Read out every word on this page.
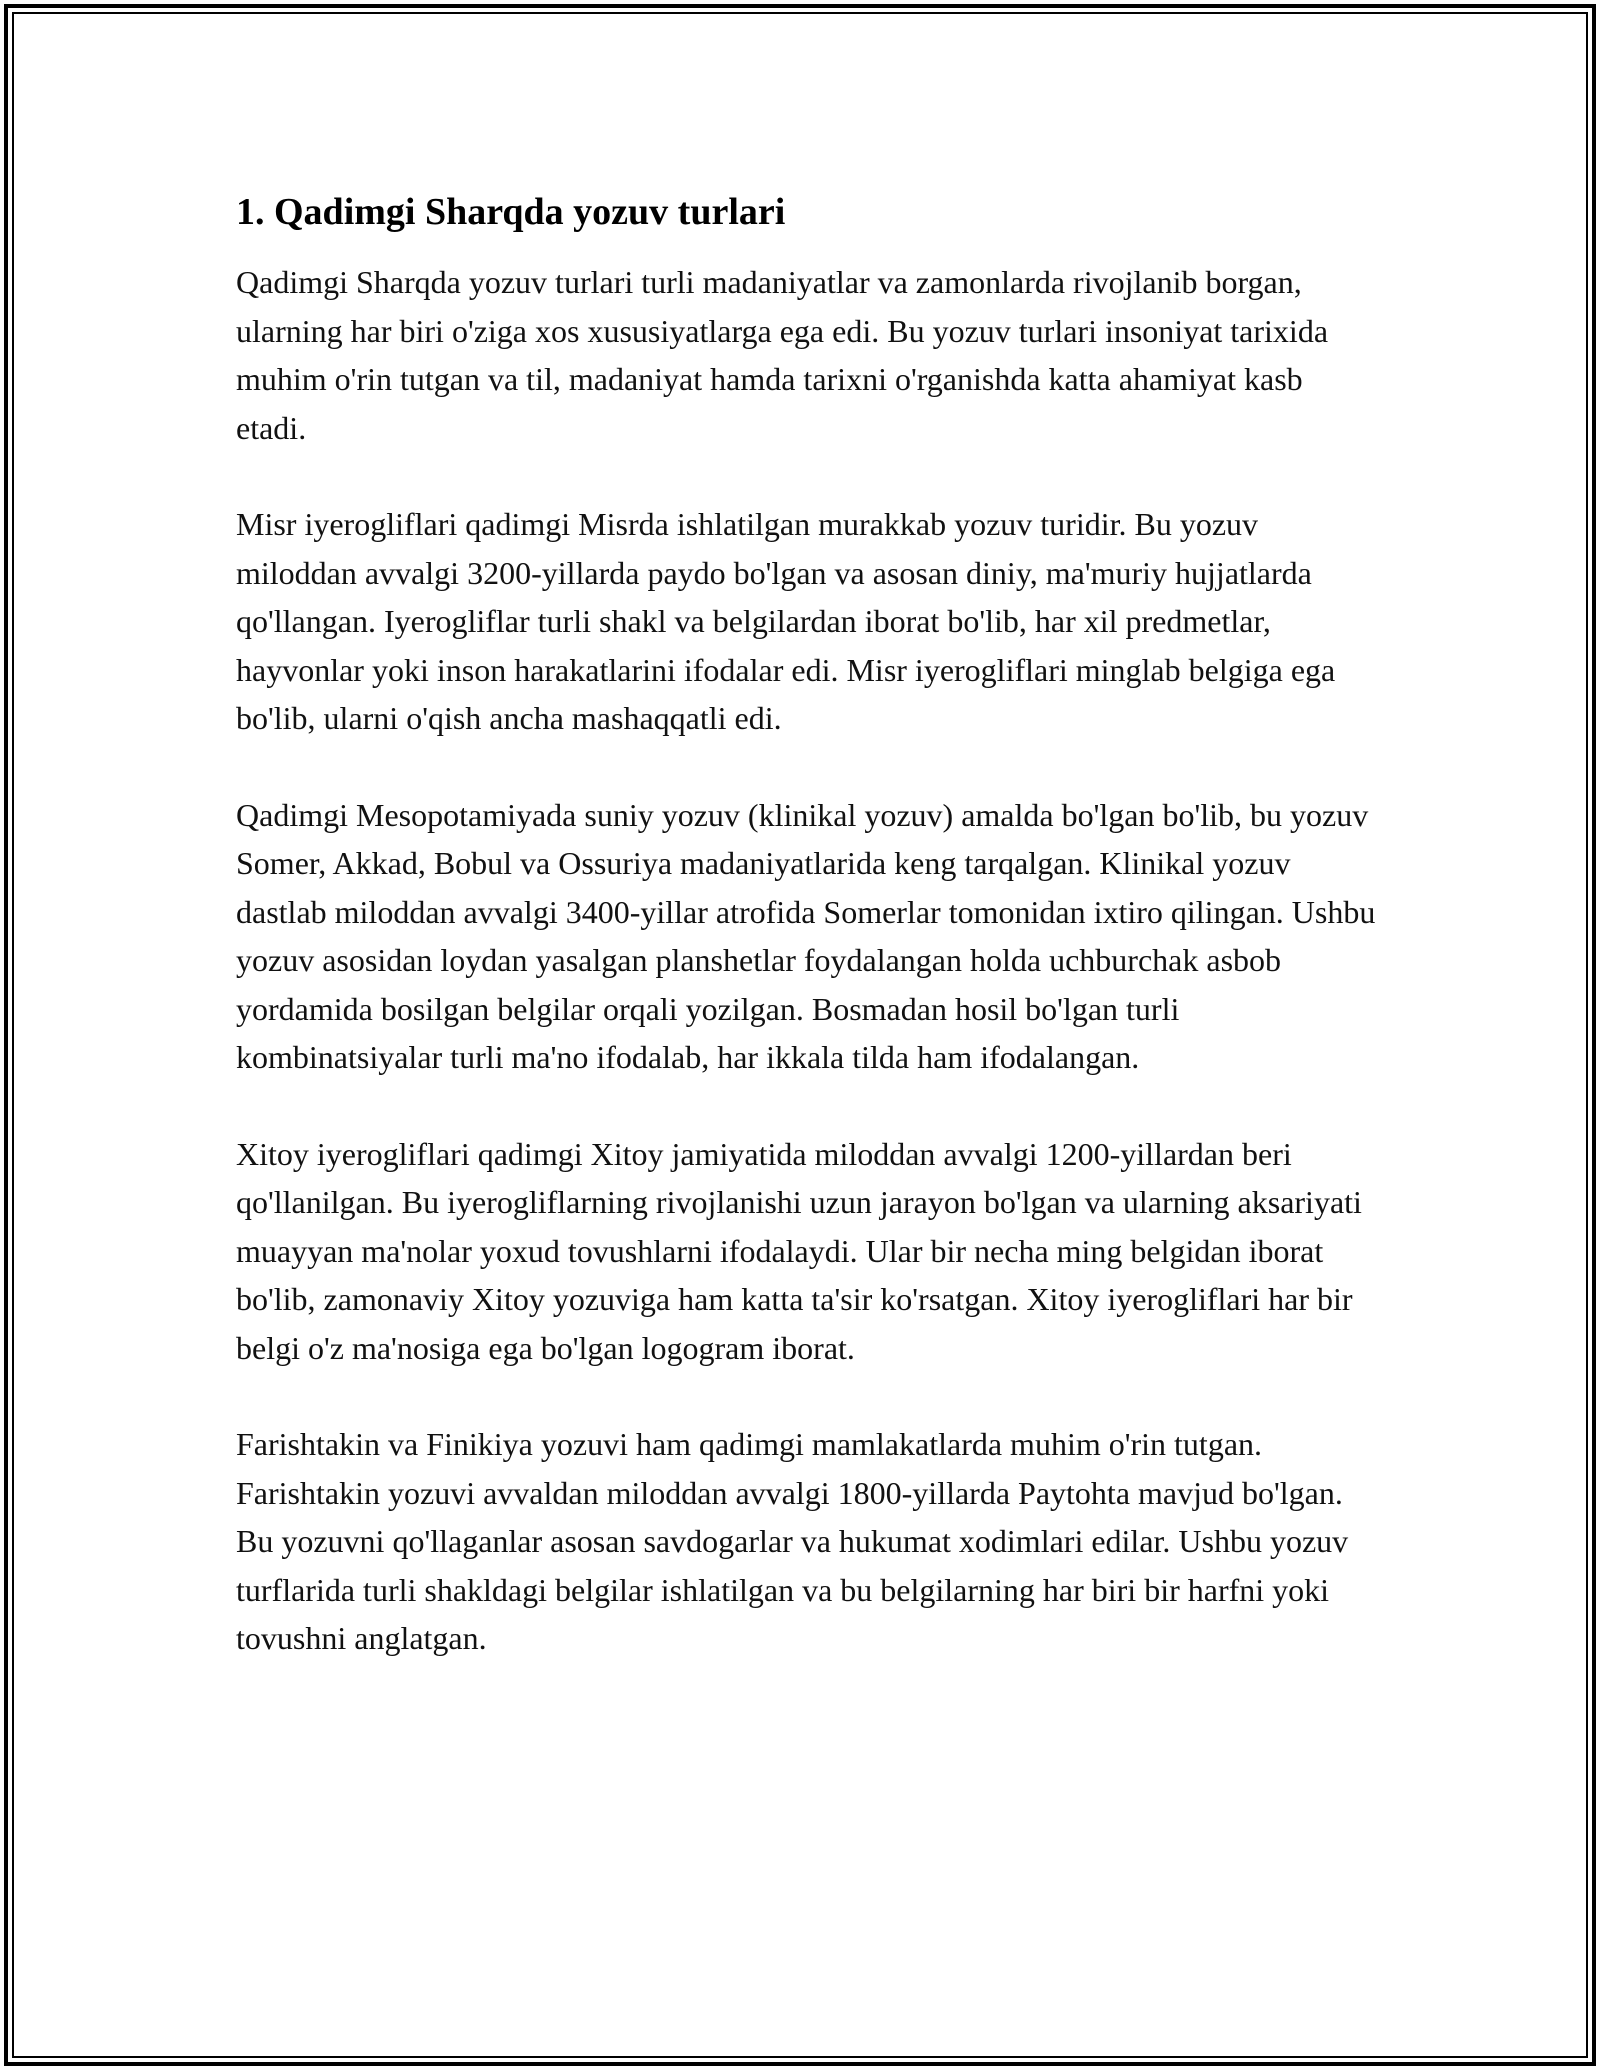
1. Qadimgi Sharqda yozuv turlari

Qadimgi Sharqda yozuv turlari turli madaniyatlar va zamonlarda rivojlanib borgan, ularning har biri o'ziga xos xususiyatlarga ega edi. Bu yozuv turlari insoniyat tarixida muhim o'rin tutgan va til, madaniyat hamda tarixni o'rganishda katta ahamiyat kasb etadi.

Misr iyerogliflari qadimgi Misrda ishlatilgan murakkab yozuv turidir. Bu yozuv miloddan avvalgi 3200-yillarda paydo bo'lgan va asosan diniy, ma'muriy hujjatlarda qo'llangan. Iyerogliflar turli shakl va belgilardan iborat bo'lib, har xil predmetlar, hayvonlar yoki inson harakatlarini ifodalar edi. Misr iyerogliflari minglab belgiga ega bo'lib, ularni o'qish ancha mashaqqatli edi.

Qadimgi Mesopotamiyada suniy yozuv (klinikal yozuv) amalda bo'lgan bo'lib, bu yozuv Somer, Akkad, Bobul va Ossuriya madaniyatlarida keng tarqalgan. Klinikal yozuv dastlab miloddan avvalgi 3400-yillar atrofida Somerlar tomonidan ixtiro qilingan. Ushbu yozuv asosidan loydan yasalgan planshetlar foydalangan holda uchburchak asbob yordamida bosilgan belgilar orqali yozilgan. Bosmadan hosil bo'lgan turli kombinatsiyalar turli ma'no ifodalab, har ikkala tilda ham ifodalangan.

Xitoy iyerogliflari qadimgi Xitoy jamiyatida miloddan avvalgi 1200-yillardan beri qo'llanilgan. Bu iyerogliflarning rivojlanishi uzun jarayon bo'lgan va ularning aksariyati muayyan ma'nolar yoxud tovushlarni ifodalaydi. Ular bir necha ming belgidan iborat bo'lib, zamonaviy Xitoy yozuviga ham katta ta'sir ko'rsatgan. Xitoy iyerogliflari har bir belgi o'z ma'nosiga ega bo'lgan logogram iborat.

Farishtakin va Finikiya yozuvi ham qadimgi mamlakatlarda muhim o'rin tutgan. Farishtakin yozuvi avvaldan miloddan avvalgi 1800-yillarda Paytohta mavjud bo'lgan. Bu yozuvni qo'llaganlar asosan savdogarlar va hukumat xodimlari edilar. Ushbu yozuv turflarida turli shakldagi belgilar ishlatilgan va bu belgilarning har biri bir harfni yoki tovushni anglatgan.
